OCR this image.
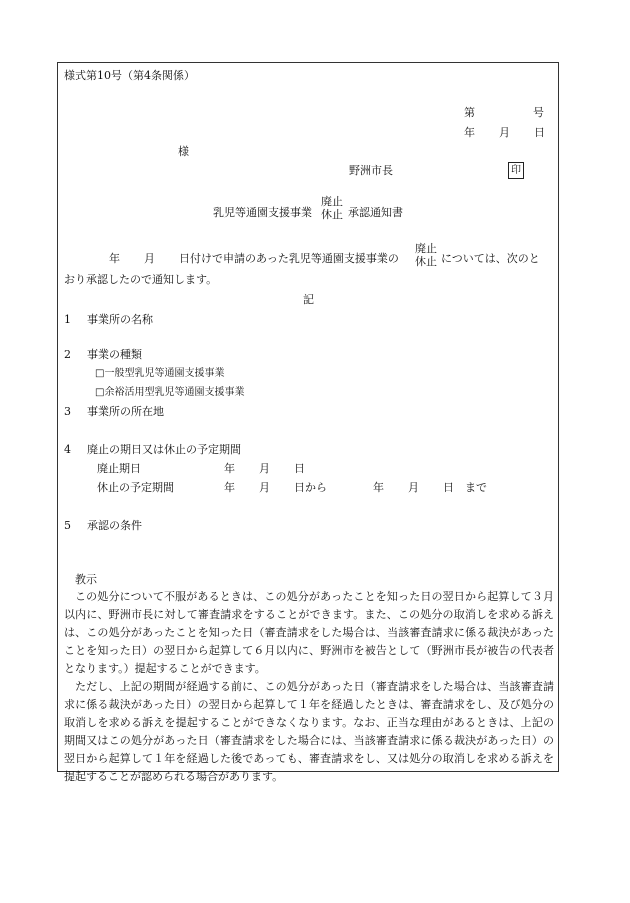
様式第10号（第4条関係）
第	号
年 月 日
様
野洲市長	印
乳児等通園支援事業
廃止
休止 承認通知書
年 月 日付けで申請のあった乳児等通園支援事業の
廃止
休止 については、次のと
おり承認したので通知します。
記
1 事業所の名称
2 事業の種類
□一般型乳児等通園支援事業
□余裕活用型乳児等通園支援事業
3 事業所の所在地
4 廃止の期日又は休止の予定期間
廃止期日	年 月 日
休止の予定期間	年 月 日から	年 月 日 まで
5 承認の条件
教示
この処分について不服があるときは、この処分があったことを知った日の翌日から起算して３月以内に、野洲市長に対して審査請求をすることができます。また、この処分の取消しを求める訴えは、この処分があったことを知った日（審査請求をした場合は、当該審査請求に係る裁決があったことを知った日）の翌日から起算して６月以内に、野洲市を被告として（野洲市長が被告の代表者となります。）提起することができます。
ただし、上記の期間が経過する前に、この処分があった日（審査請求をした場合は、当該審査請求に係る裁決があった日）の翌日から起算して１年を経過したときは、審査請求をし、及び処分の取消しを求める訴えを提起することができなくなります。なお、正当な理由があるときは、上記の期間又はこの処分があった日（審査請求をした場合には、当該審査請求に係る裁決があった日）の翌日から起算して１年を経過した後であっても、審査請求をし、又は処分の取消しを求める訴えを提起することが認められる場合があります。
